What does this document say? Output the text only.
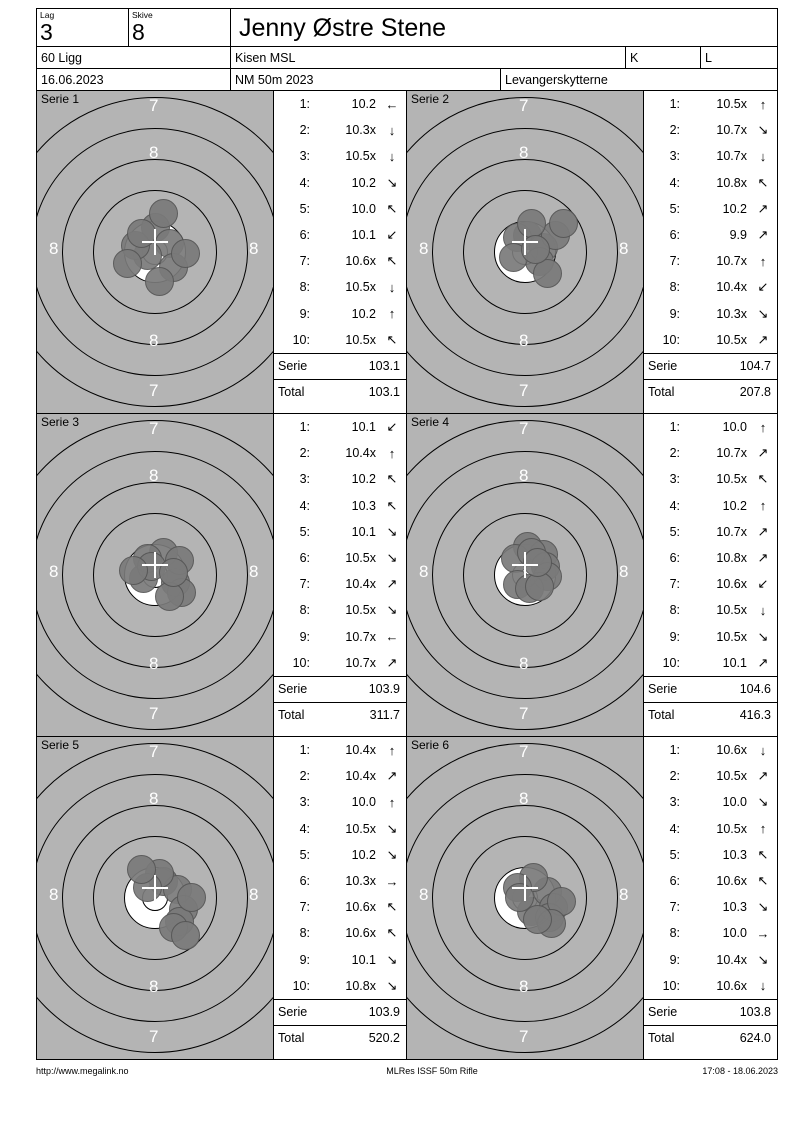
Lag
3
Skive
8	Jenny Østre Stene
60 Ligg	Kisen MSL	K	L
16.06.2023	NM 50m 2023	Levangerskytterne
7
8
8	8
8
7
Serie 1	1:	10.2 ←
2:	10.3x ↓
3:	10.5x ↓
4:	10.2 ↘
5:	10.0 ↖
6:	10.1 ↙
7:	10.6x ↖
8:	10.5x ↓
9:	10.2 ↑
10:	10.5x ↖
Serie	103.1
Total	103.1
7
8
8	8
8
7
Serie 2	1:	10.5x ↑
2:	10.7x ↘
3:	10.7x ↓
4:	10.8x ↖
5:	10.2 ↗
6:	9.9 ↗
7:	10.7x ↑
8:	10.4x ↙
9:	10.3x ↘
10:	10.5x ↗
Serie	104.7
Total	207.8
7
8
8	8
8
7
Serie 3	1:	10.1 ↙
2:	10.4x ↑
3:	10.2 ↖
4:	10.3 ↖
5:	10.1 ↘
6:	10.5x ↘
7:	10.4x ↗
8:	10.5x ↘
9:	10.7x ←
10:	10.7x ↗
Serie	103.9
Total	311.7
7
8
8	8
8
7
Serie 4	1:	10.0 ↑
2:	10.7x ↗
3:	10.5x ↖
4:	10.2 ↑
5:	10.7x ↗
6:	10.8x ↗
7:	10.6x ↙
8:	10.5x ↓
9:	10.5x ↘
10:	10.1 ↗
Serie	104.6
Total	416.3
7
8
8	8
8
7
Serie 5	1:	10.4x ↑
2:	10.4x ↗
3:	10.0 ↑
4:	10.5x ↘
5:	10.2 ↘
6:	10.3x →
7:	10.6x ↖
8:	10.6x ↖
9:	10.1 ↘
10:	10.8x ↘
Serie	103.9
Total	520.2
7
8
8	8
8
7
Serie 6	1:	10.6x ↓
2:	10.5x ↗
3:	10.0 ↘
4:	10.5x ↑
5:	10.3 ↖
6:	10.6x ↖
7:	10.3 ↘
8:	10.0 →
9:	10.4x ↘
10:	10.6x ↓
Serie	103.8
Total	624.0
http://www.megalink.no	MLRes ISSF 50m Rifle	17:08 - 18.06.2023
